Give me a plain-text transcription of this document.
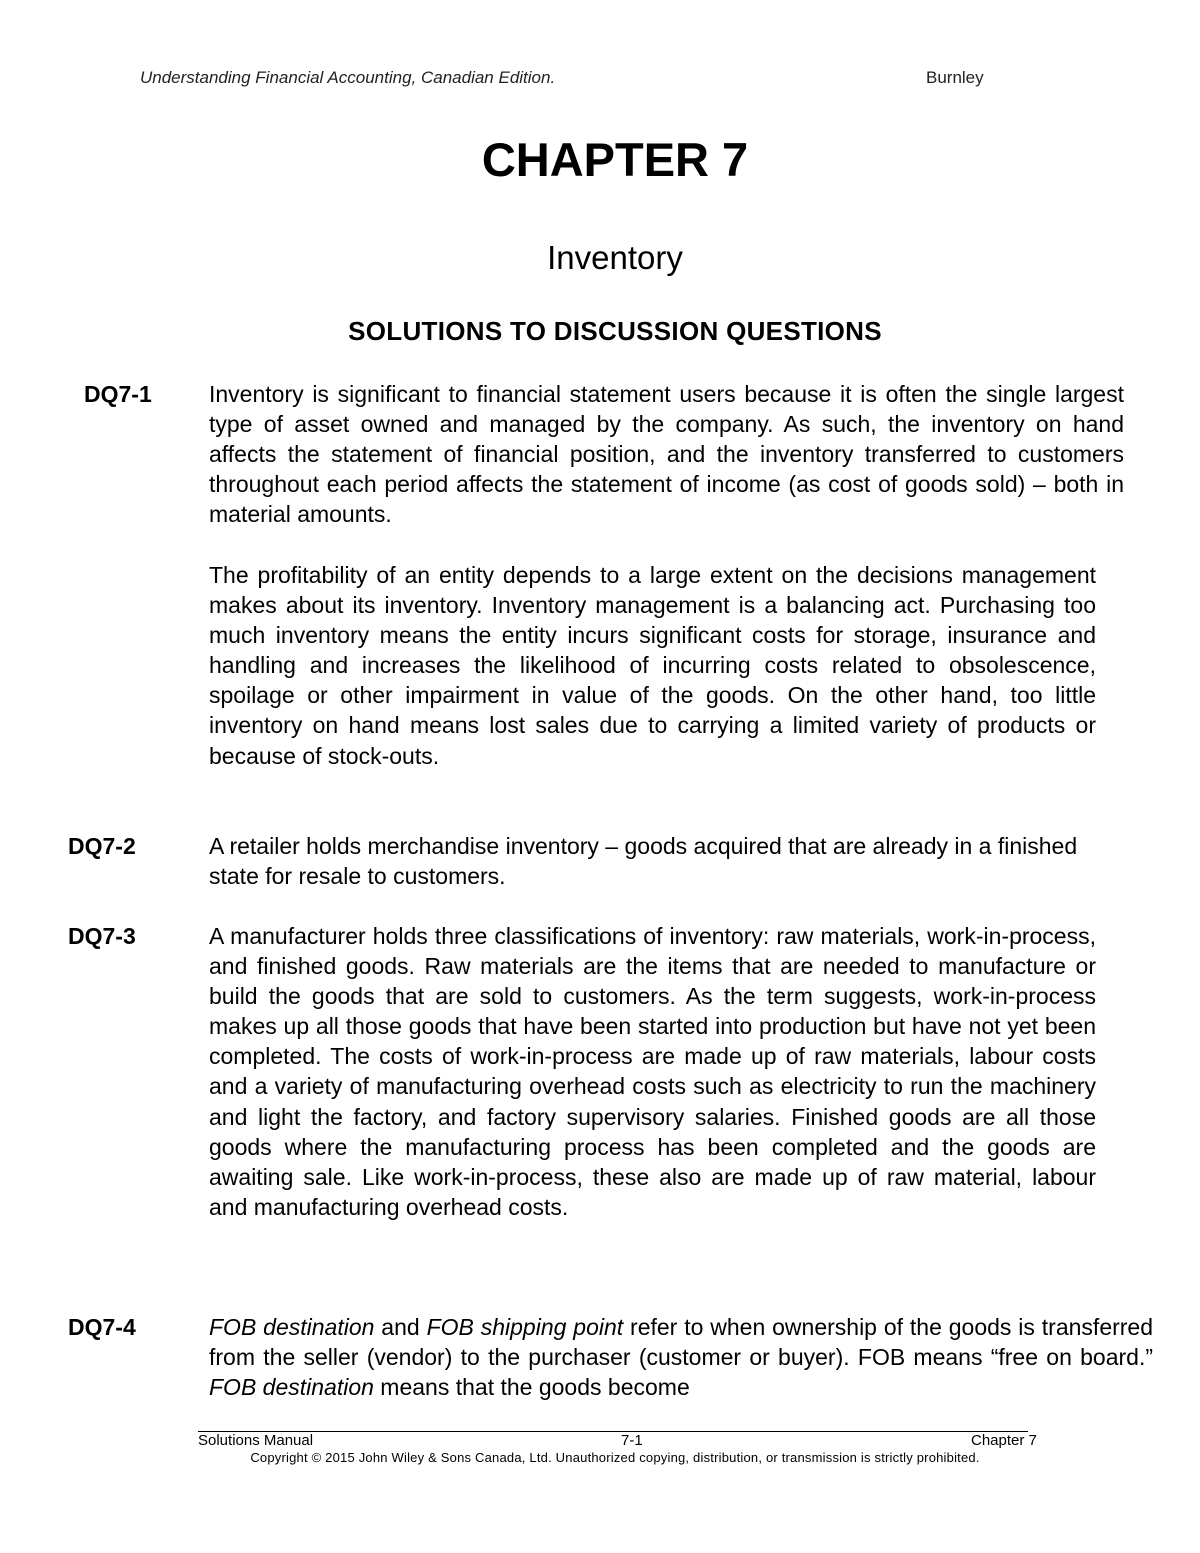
Understanding Financial Accounting, Canadian Edition.	Burnley
CHAPTER 7
Inventory
SOLUTIONS TO DISCUSSION QUESTIONS
DQ7-1 Inventory is significant to financial statement users because it is often the single largest type of asset owned and managed by the company. As such, the inventory on hand affects the statement of financial position, and the inventory transferred to customers throughout each period affects the statement of income (as cost of goods sold) – both in material amounts.

The profitability of an entity depends to a large extent on the decisions management makes about its inventory. Inventory management is a balancing act. Purchasing too much inventory means the entity incurs significant costs for storage, insurance and handling and increases the likelihood of incurring costs related to obsolescence, spoilage or other impairment in value of the goods. On the other hand, too little inventory on hand means lost sales due to carrying a limited variety of products or because of stock-outs.

DQ7-2	A retailer holds merchandise inventory – goods acquired that are already in a finished state for resale to customers.

DQ7-3	A manufacturer holds three classifications of inventory: raw materials, work-in-process, and finished goods. Raw materials are the items that are needed to manufacture or build the goods that are sold to customers. As the term suggests, work-in-process makes up all those goods that have been started into production but have not yet been completed. The costs of work-in-process are made up of raw materials, labour costs and a variety of manufacturing overhead costs such as electricity to run the machinery and light the factory, and factory supervisory salaries. Finished goods are all those goods where the manufacturing process has been completed and the goods are awaiting sale. Like work-in-process, these also are made up of raw material, labour and manufacturing overhead costs.

DQ7-4	FOB destination and FOB shipping point refer to when ownership of the goods is transferred from the seller (vendor) to the purchaser (customer or buyer). FOB means “free on board.” FOB destination means that the goods become

Solutions Manual	7-1	Chapter 7
Copyright © 2015 John Wiley & Sons Canada, Ltd. Unauthorized copying, distribution, or transmission is strictly prohibited.
